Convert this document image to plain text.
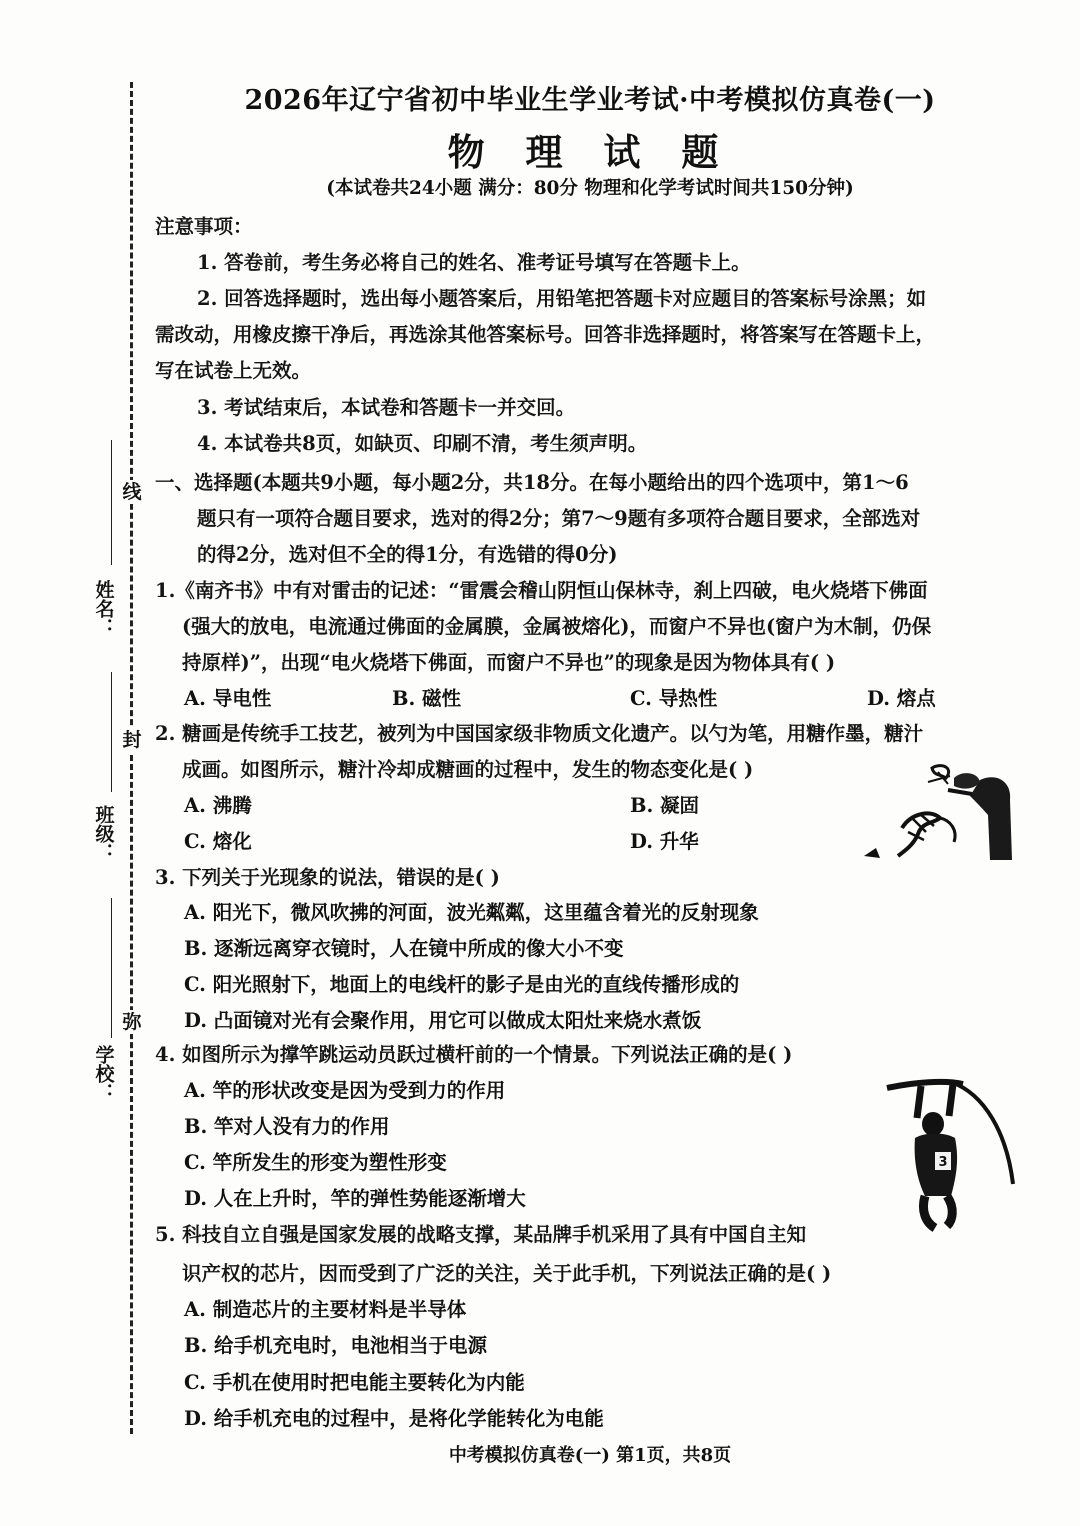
姓名：
班级：
学校：
线
封
弥
2026年辽宁省初中毕业生学业考试·中考模拟仿真卷(一)
物 理 试 题
(本试卷共24小题 满分：80分 物理和化学考试时间共150分钟)
注意事项：
1. 答卷前，考生务必将自己的姓名、准考证号填写在答题卡上。
2. 回答选择题时，选出每小题答案后，用铅笔把答题卡对应题目的答案标号涂黑；如
需改动，用橡皮擦干净后，再选涂其他答案标号。回答非选择题时，将答案写在答题卡上，
写在试卷上无效。
3. 考试结束后，本试卷和答题卡一并交回。
4. 本试卷共8页，如缺页、印刷不清，考生须声明。
一、选择题(本题共9小题，每小题2分，共18分。在每小题给出的四个选项中，第1～6
题只有一项符合题目要求，选对的得2分；第7～9题有多项符合题目要求，全部选对
的得2分，选对但不全的得1分，有选错的得0分)
1.《南齐书》中有对雷击的记述：“雷震会稽山阴恒山保林寺，刹上四破，电火烧塔下佛面
(强大的放电，电流通过佛面的金属膜，金属被熔化)，而窗户不异也(窗户为木制，仍保
持原样)”，出现“电火烧塔下佛面，而窗户不异也”的现象是因为物体具有( )
A. 导电性	B. 磁性	C. 导热性	D. 熔点
2. 糖画是传统手工技艺，被列为中国国家级非物质文化遗产。以勺为笔，用糖作墨，糖汁
成画。如图所示，糖汁冷却成糖画的过程中，发生的物态变化是( )
A. 沸腾	B. 凝固
C. 熔化	D. 升华
3. 下列关于光现象的说法，错误的是( )
A. 阳光下，微风吹拂的河面，波光粼粼，这里蕴含着光的反射现象
B. 逐渐远离穿衣镜时，人在镜中所成的像大小不变
C. 阳光照射下，地面上的电线杆的影子是由光的直线传播形成的
D. 凸面镜对光有会聚作用，用它可以做成太阳灶来烧水煮饭
4. 如图所示为撑竿跳运动员跃过横杆前的一个情景。下列说法正确的是( )
A. 竿的形状改变是因为受到力的作用
B. 竿对人没有力的作用
C. 竿所发生的形变为塑性形变
D. 人在上升时，竿的弹性势能逐渐增大
5. 科技自立自强是国家发展的战略支撑，某品牌手机采用了具有中国自主知
识产权的芯片，因而受到了广泛的关注，关于此手机，下列说法正确的是( )
A. 制造芯片的主要材料是半导体
B. 给手机充电时，电池相当于电源
C. 手机在使用时把电能主要转化为内能
D. 给手机充电的过程中，是将化学能转化为电能
中考模拟仿真卷(一) 第1页，共8页
3
